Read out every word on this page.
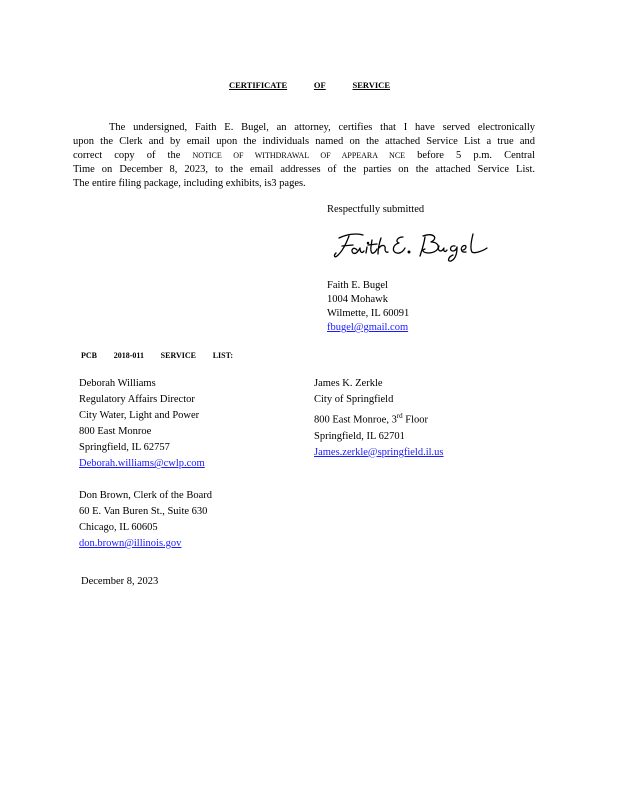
CERTIFICATE	OF	SERVICE
The undersigned, Faith E. Bugel, an attorney, certifies that I have served electronically
upon the Clerk and by email upon the individuals named on the attached Service List a true and
correct copy of the NOTICE OF WITHDRAWAL OF APPEARA NCE before 5 p.m. Central
Time on December 8, 2023, to the email addresses of the parties on the attached Service List.
The entire filing package, including exhibits, is3 pages.
Respectfully submitted
Faith E. Bugel
1004 Mohawk
Wilmette, IL 60091
fbugel@gmail.com
PCB 2018-011 SERVICE LIST:
Deborah Williams
Regulatory Affairs Director
City Water, Light and Power
800 East Monroe
Springfield, IL 62757
Deborah.williams@cwlp.com
James K. Zerkle
City of Springfield
800 East Monroe, 3rd Floor
Springfield, IL 62701
James.zerkle@springfield.il.us
Don Brown, Clerk of the Board
60 E. Van Buren St., Suite 630
Chicago, IL 60605
don.brown@illinois.gov
December 8, 2023
